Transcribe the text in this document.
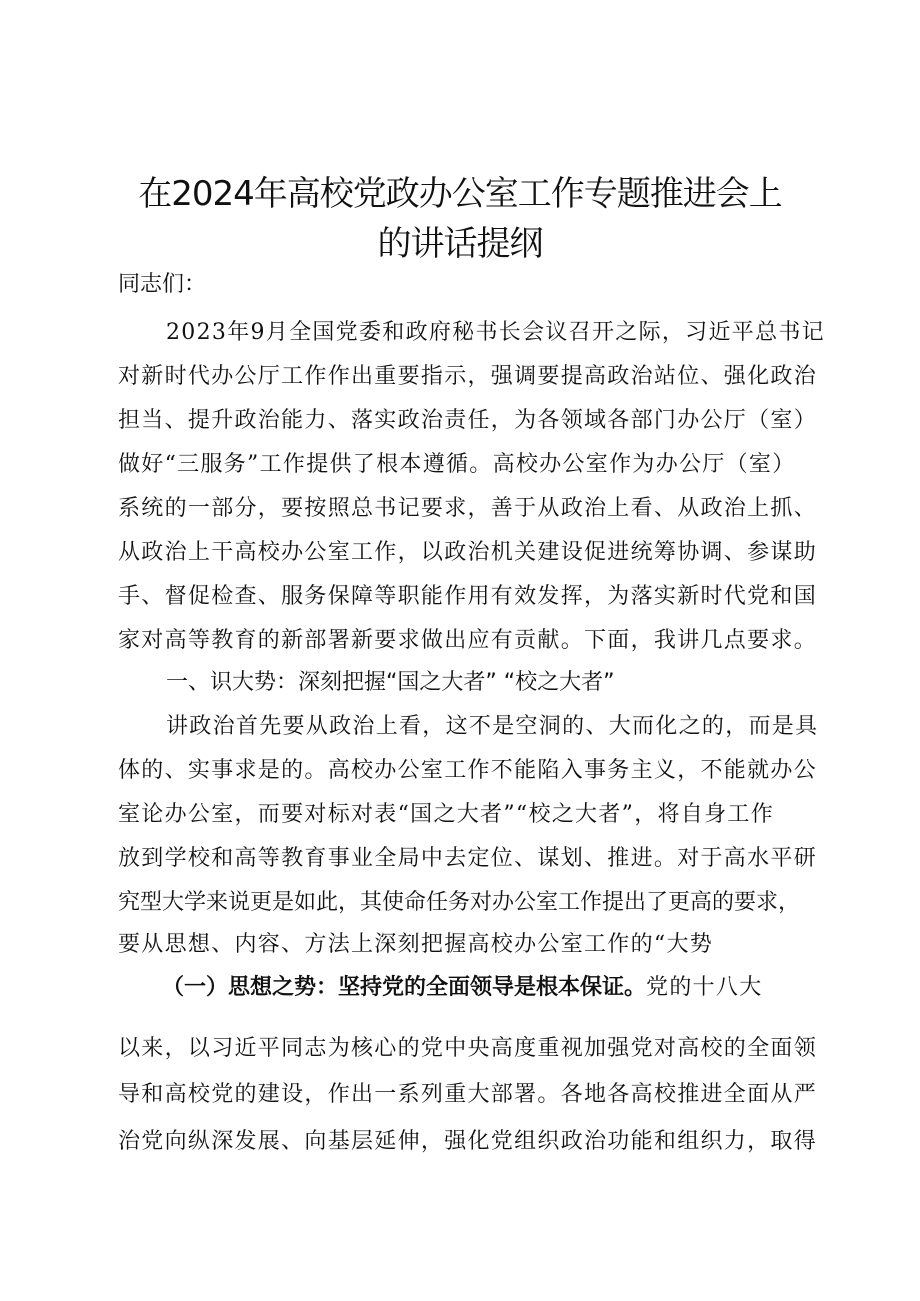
在2024年高校党政办公室工作专题推进会上
的讲话提纲
同志们：
2023年9月全国党委和政府秘书长会议召开之际，习近平总书记
对新时代办公厅工作作出重要指示，强调要提高政治站位、强化政治
担当、提升政治能力、落实政治责任，为各领域各部门办公厅（室）
做好“三服务”工作提供了根本遵循。高校办公室作为办公厅（室）
系统的一部分，要按照总书记要求，善于从政治上看、从政治上抓、
从政治上干高校办公室工作，以政治机关建设促进统筹协调、参谋助
手、督促检查、服务保障等职能作用有效发挥，为落实新时代党和国
家对高等教育的新部署新要求做出应有贡献。下面，我讲几点要求。
一、识大势：深刻把握“国之大者” “校之大者”
讲政治首先要从政治上看，这不是空洞的、大而化之的，而是具
体的、实事求是的。高校办公室工作不能陷入事务主义，不能就办公
室论办公室，而要对标对表“国之大者”“校之大者”，将自身工作
放到学校和高等教育事业全局中去定位、谋划、推进。对于高水平研
究型大学来说更是如此，其使命任务对办公室工作提出了更高的要求，
要从思想、内容、方法上深刻把握高校办公室工作的“大势
（一）思想之势：坚持党的全面领导是根本保证。党的十八大
以来，以习近平同志为核心的党中央高度重视加强党对高校的全面领
导和高校党的建设，作出一系列重大部署。各地各高校推进全面从严
治党向纵深发展、向基层延伸，强化党组织政治功能和组织力，取得
